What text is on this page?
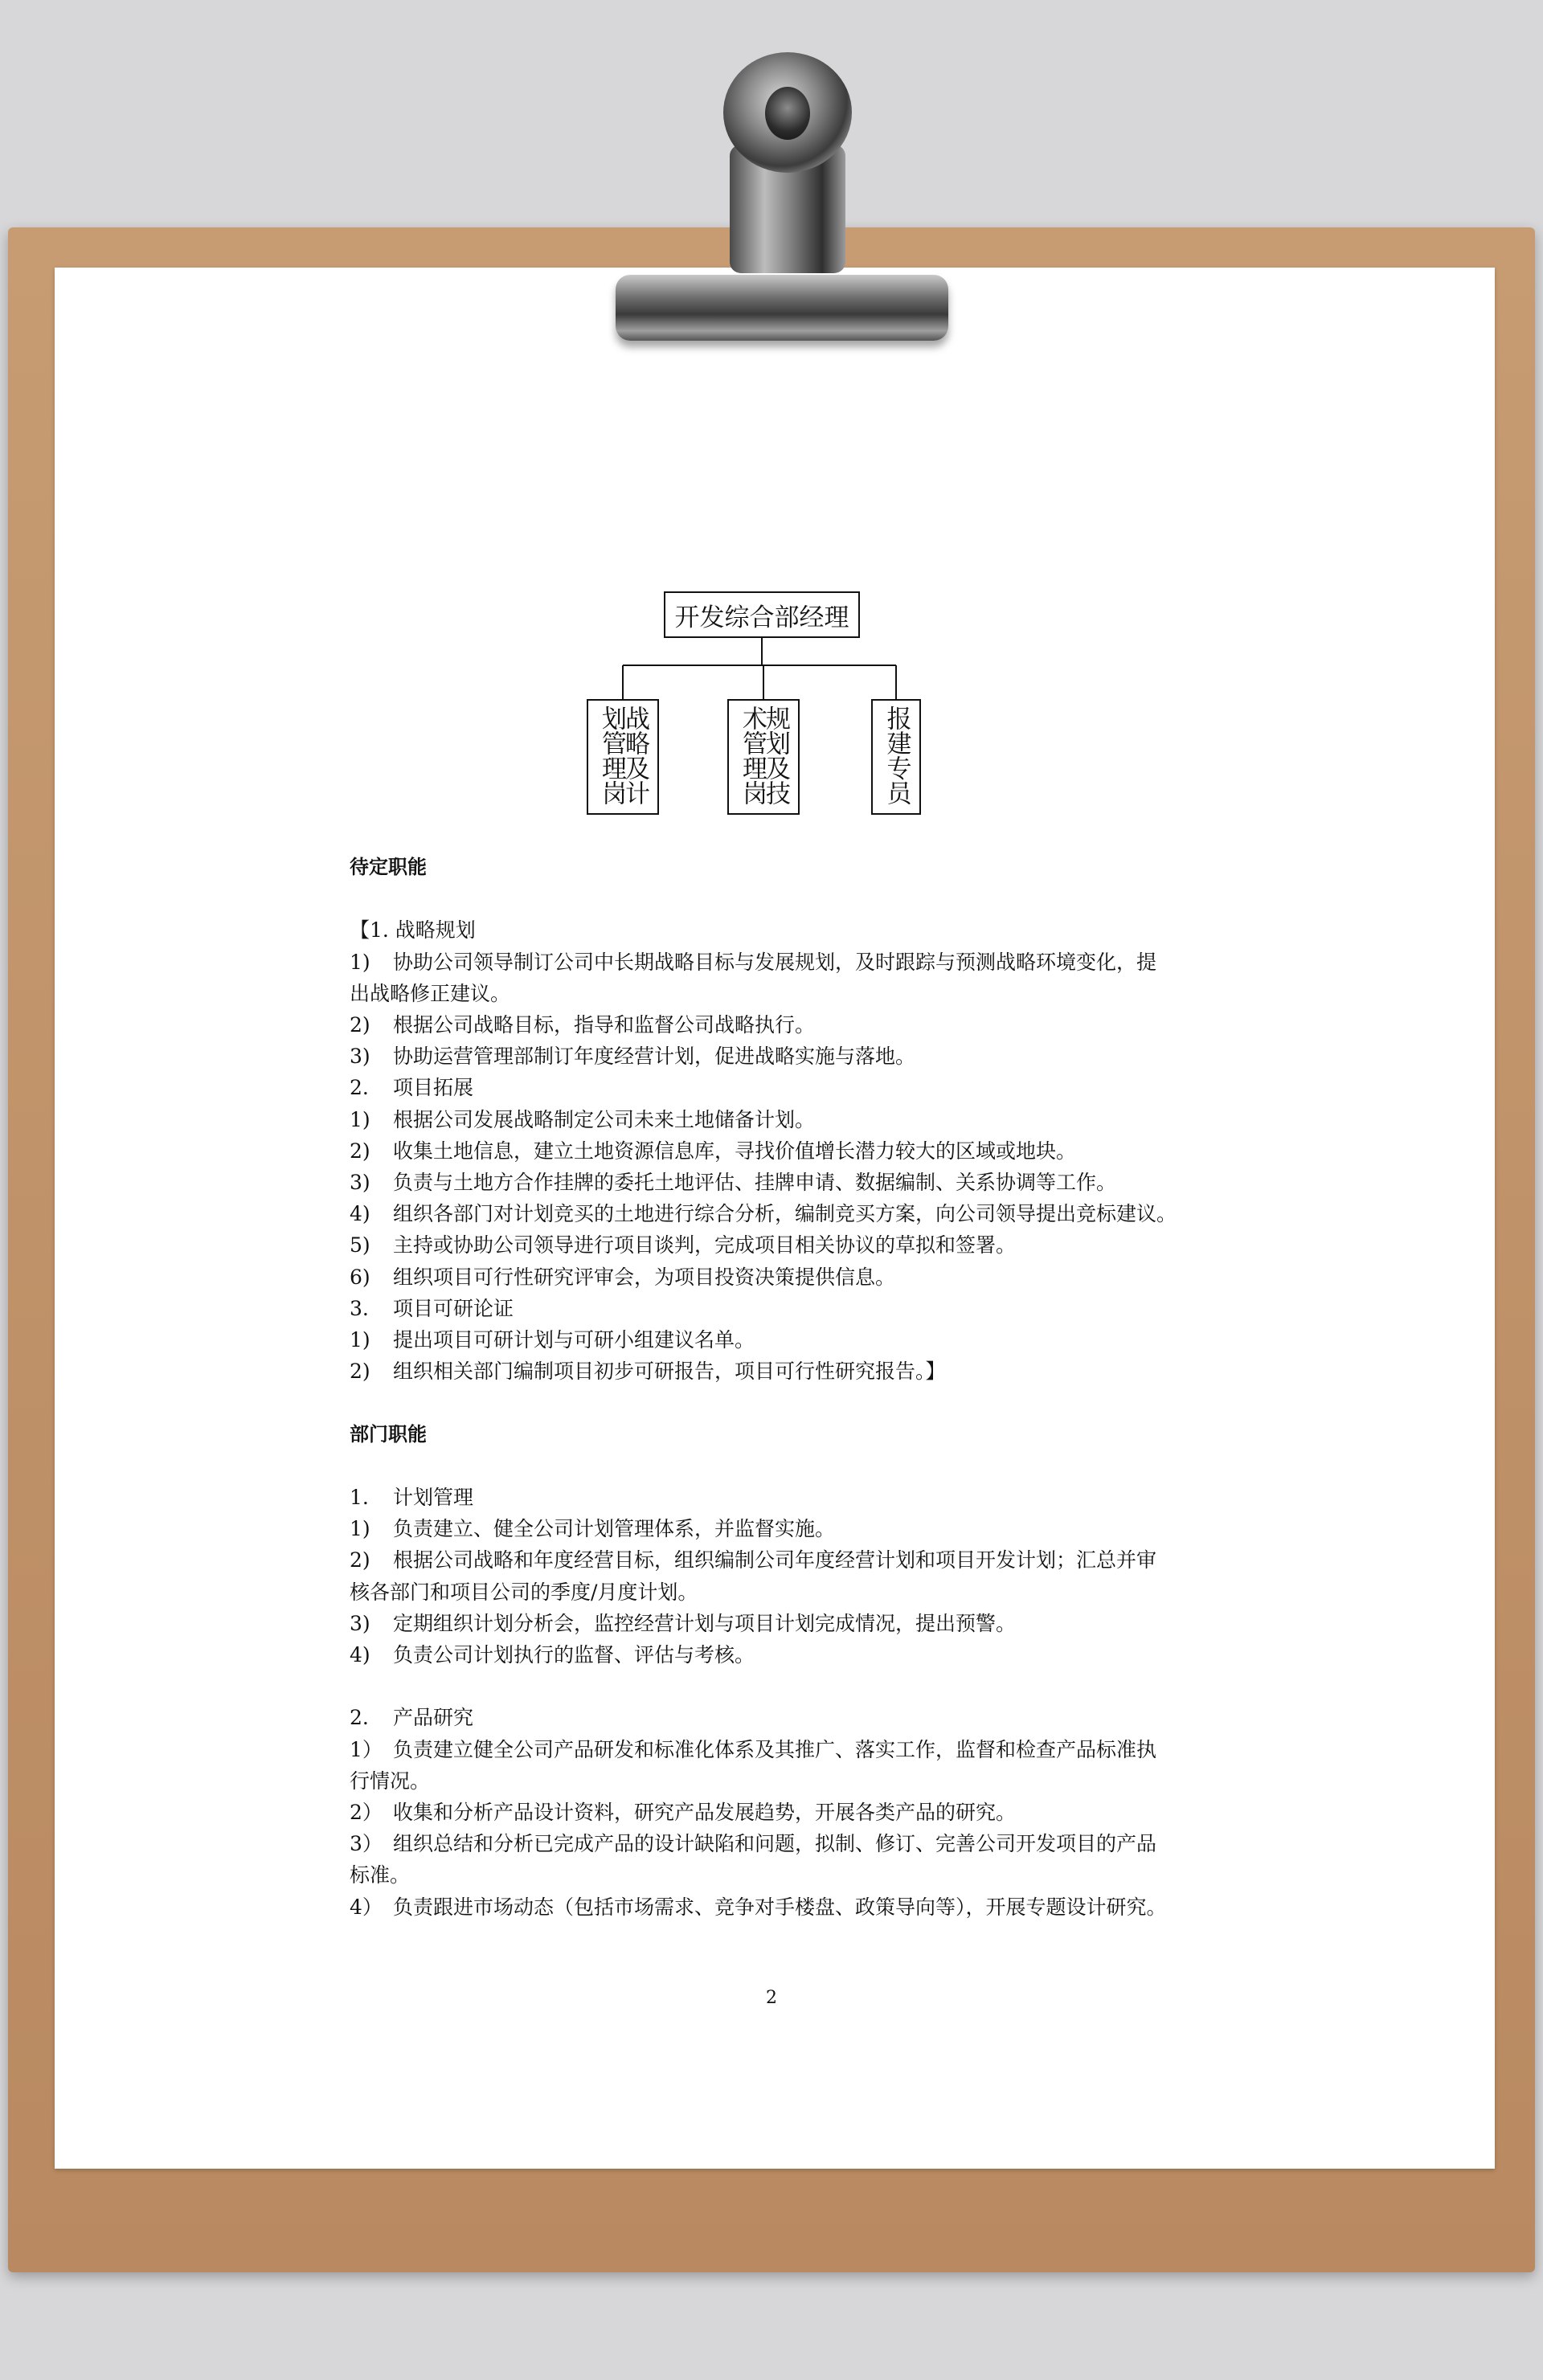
开发综合部经理
战略及计划管理岗	规划及技术管理岗	报建专员
待定职能
【1. 战略规划
1) 协助公司领导制订公司中长期战略目标与发展规划，及时跟踪与预测战略环境变化，提
出战略修正建议。
2) 根据公司战略目标，指导和监督公司战略执行。
3) 协助运营管理部制订年度经营计划，促进战略实施与落地。
2. 项目拓展
1) 根据公司发展战略制定公司未来土地储备计划。
2) 收集土地信息，建立土地资源信息库，寻找价值增长潜力较大的区域或地块。
3) 负责与土地方合作挂牌的委托土地评估、挂牌申请、数据编制、关系协调等工作。
4) 组织各部门对计划竞买的土地进行综合分析，编制竞买方案，向公司领导提出竞标建议。
5) 主持或协助公司领导进行项目谈判，完成项目相关协议的草拟和签署。
6) 组织项目可行性研究评审会，为项目投资决策提供信息。
3. 项目可研论证
1) 提出项目可研计划与可研小组建议名单。
2) 组织相关部门编制项目初步可研报告，项目可行性研究报告。】
部门职能
1. 计划管理
1) 负责建立、健全公司计划管理体系，并监督实施。
2) 根据公司战略和年度经营目标，组织编制公司年度经营计划和项目开发计划；汇总并审
核各部门和项目公司的季度/月度计划。
3) 定期组织计划分析会，监控经营计划与项目计划完成情况，提出预警。
4) 负责公司计划执行的监督、评估与考核。
2. 产品研究
1） 负责建立健全公司产品研发和标准化体系及其推广、落实工作，监督和检查产品标准执
行情况。
2） 收集和分析产品设计资料，研究产品发展趋势，开展各类产品的研究。
3） 组织总结和分析已完成产品的设计缺陷和问题，拟制、修订、完善公司开发项目的产品
标准。
4） 负责跟进市场动态（包括市场需求、竞争对手楼盘、政策导向等），开展专题设计研究。
2
